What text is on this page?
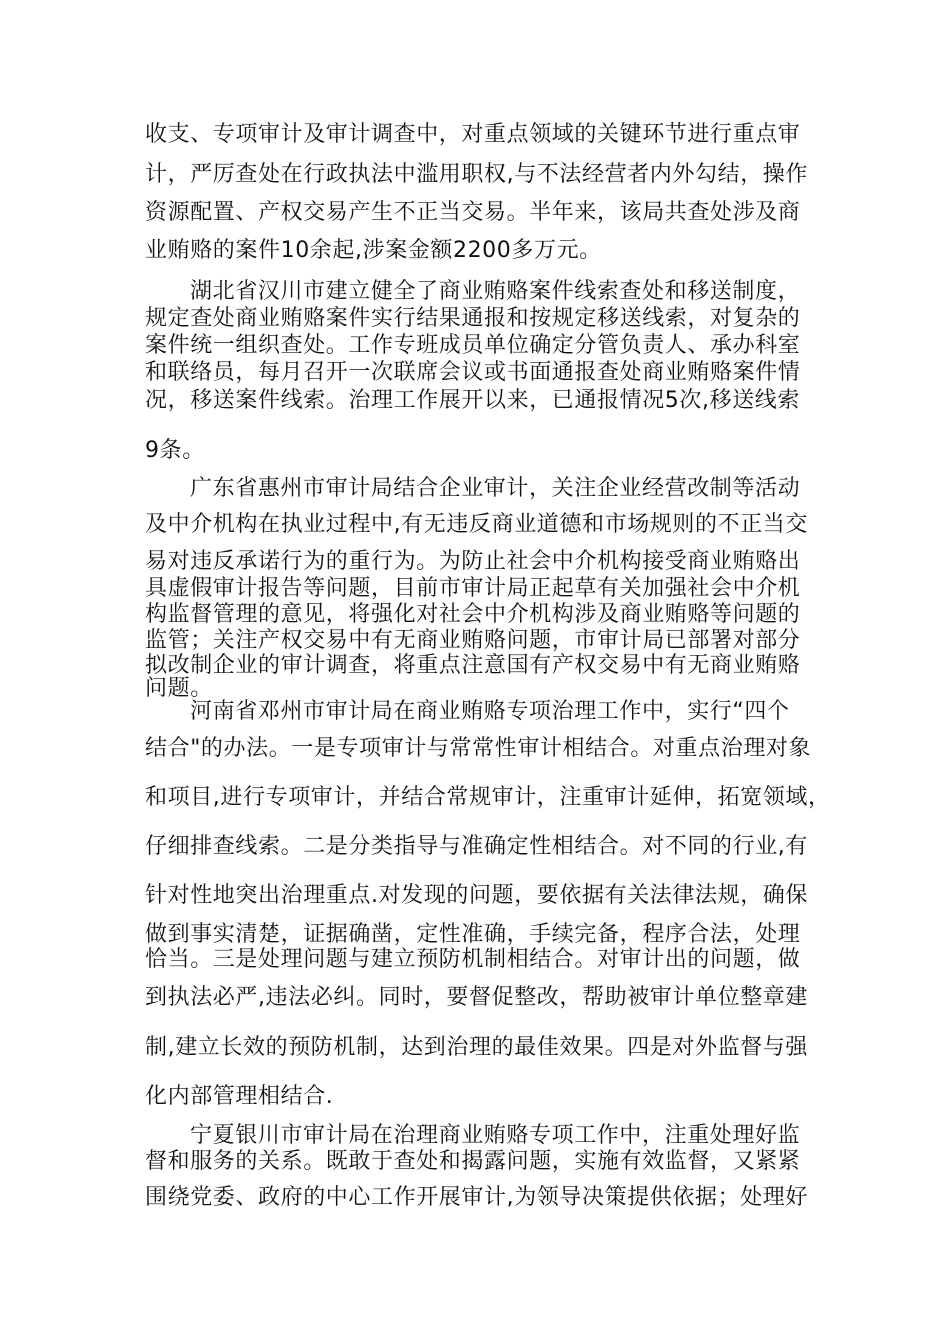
收支、专项审计及审计调查中，对重点领域的关键环节进行重点审
计，严厉查处在行政执法中滥用职权,与不法经营者内外勾结，操作
资源配置、产权交易产生不正当交易。半年来，该局共查处涉及商
业贿赂的案件10余起,涉案金额2200多万元。
湖北省汉川市建立健全了商业贿赂案件线索查处和移送制度，
规定查处商业贿赂案件实行结果通报和按规定移送线索，对复杂的
案件统一组织查处。工作专班成员单位确定分管负责人、承办科室
和联络员，每月召开一次联席会议或书面通报查处商业贿赂案件情
况，移送案件线索。治理工作展开以来，已通报情况5次,移送线索
9条。
广东省惠州市审计局结合企业审计，关注企业经营改制等活动
及中介机构在执业过程中,有无违反商业道德和市场规则的不正当交
易对违反承诺行为的重行为。为防止社会中介机构接受商业贿赂出
具虚假审计报告等问题，目前市审计局正起草有关加强社会中介机
构监督管理的意见，将强化对社会中介机构涉及商业贿赂等问题的
监管；关注产权交易中有无商业贿赂问题，市审计局已部署对部分
拟改制企业的审计调查，将重点注意国有产权交易中有无商业贿赂
问题。
河南省邓州市审计局在商业贿赂专项治理工作中，实行“四个
结合"的办法。一是专项审计与常常性审计相结合。对重点治理对象
和项目,进行专项审计，并结合常规审计，注重审计延伸，拓宽领域，
仔细排查线索。二是分类指导与准确定性相结合。对不同的行业,有
针对性地突出治理重点.对发现的问题，要依据有关法律法规，确保
做到事实清楚，证据确凿，定性准确，手续完备，程序合法，处理
恰当。三是处理问题与建立预防机制相结合。对审计出的问题，做
到执法必严,违法必纠。同时，要督促整改，帮助被审计单位整章建
制,建立长效的预防机制，达到治理的最佳效果。四是对外监督与强
化内部管理相结合.
宁夏银川市审计局在治理商业贿赂专项工作中，注重处理好监
督和服务的关系。既敢于查处和揭露问题，实施有效监督，又紧紧
围绕党委、政府的中心工作开展审计,为领导决策提供依据；处理好
